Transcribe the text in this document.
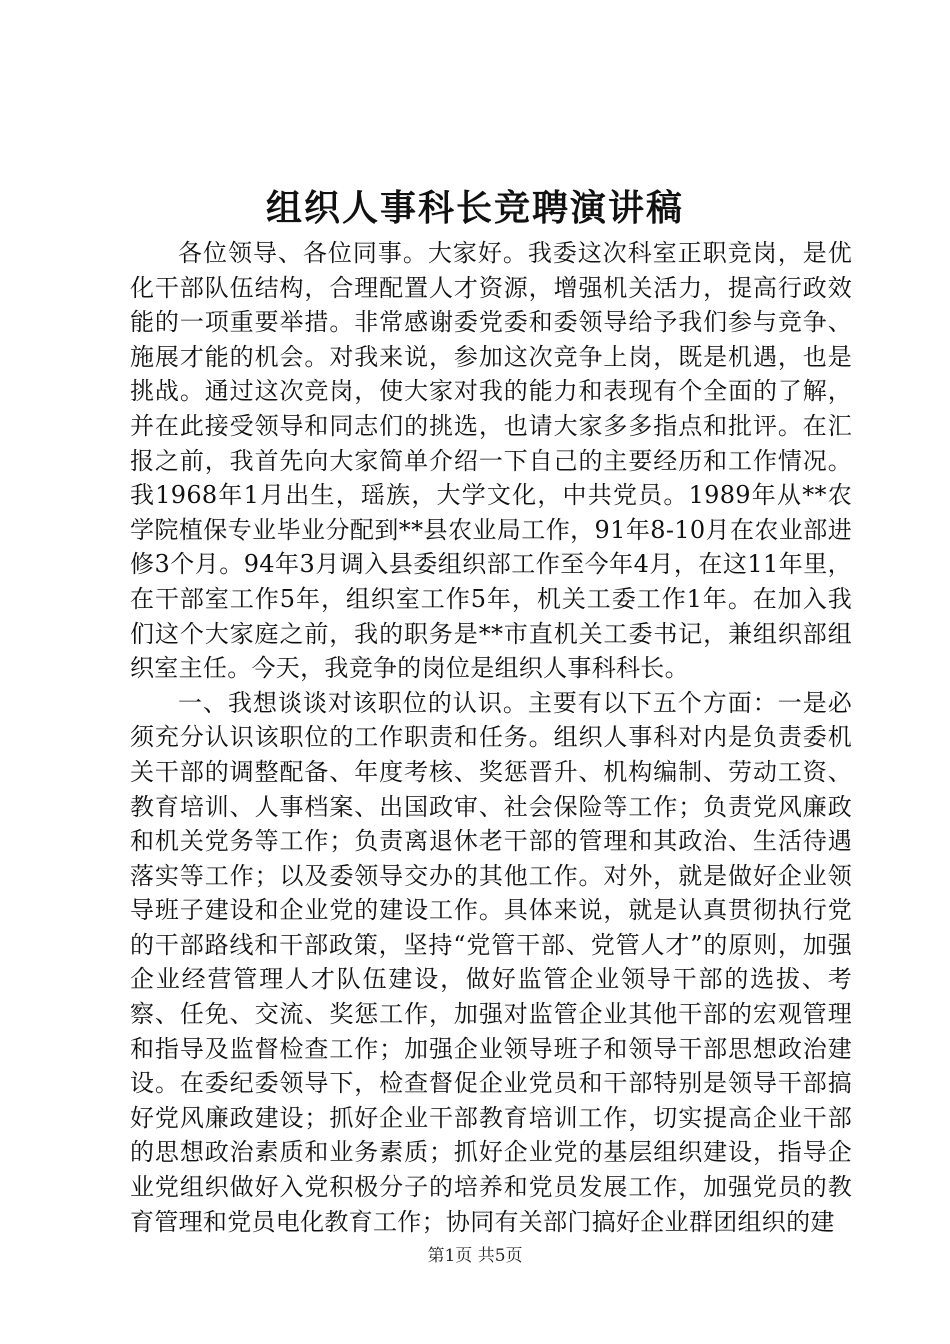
组织人事科长竞聘演讲稿

各位领导、各位同事。大家好。我委这次科室正职竞岗，是优化干部队伍结构，合理配置人才资源，增强机关活力，提高行政效能的一项重要举措。非常感谢委党委和委领导给予我们参与竞争、施展才能的机会。对我来说，参加这次竞争上岗，既是机遇，也是挑战。通过这次竞岗，使大家对我的能力和表现有个全面的了解，并在此接受领导和同志们的挑选，也请大家多多指点和批评。在汇报之前，我首先向大家简单介绍一下自己的主要经历和工作情况。我1968年1月出生，瑶族，大学文化，中共党员。1989年从**农学院植保专业毕业分配到**县农业局工作，91年8-10月在农业部进修3个月。94年3月调入县委组织部工作至今年4月，在这11年里，在干部室工作5年，组织室工作5年，机关工委工作1年。在加入我们这个大家庭之前，我的职务是**市直机关工委书记，兼组织部组织室主任。今天，我竞争的岗位是组织人事科科长。

一、我想谈谈对该职位的认识。主要有以下五个方面：一是必须充分认识该职位的工作职责和任务。组织人事科对内是负责委机关干部的调整配备、年度考核、奖惩晋升、机构编制、劳动工资、教育培训、人事档案、出国政审、社会保险等工作；负责党风廉政和机关党务等工作；负责离退休老干部的管理和其政治、生活待遇落实等工作；以及委领导交办的其他工作。对外，就是做好企业领导班子建设和企业党的建设工作。具体来说，就是认真贯彻执行党的干部路线和干部政策，坚持“党管干部、党管人才”的原则，加强企业经营管理人才队伍建设，做好监管企业领导干部的选拔、考察、任免、交流、奖惩工作，加强对监管企业其他干部的宏观管理和指导及监督检查工作；加强企业领导班子和领导干部思想政治建设。在委纪委领导下，检查督促企业党员和干部特别是领导干部搞好党风廉政建设；抓好企业干部教育培训工作，切实提高企业干部的思想政治素质和业务素质；抓好企业党的基层组织建设，指导企业党组织做好入党积极分子的培养和党员发展工作，加强党员的教育管理和党员电化教育工作；协同有关部门搞好企业群团组织的建

第1页 共5页
